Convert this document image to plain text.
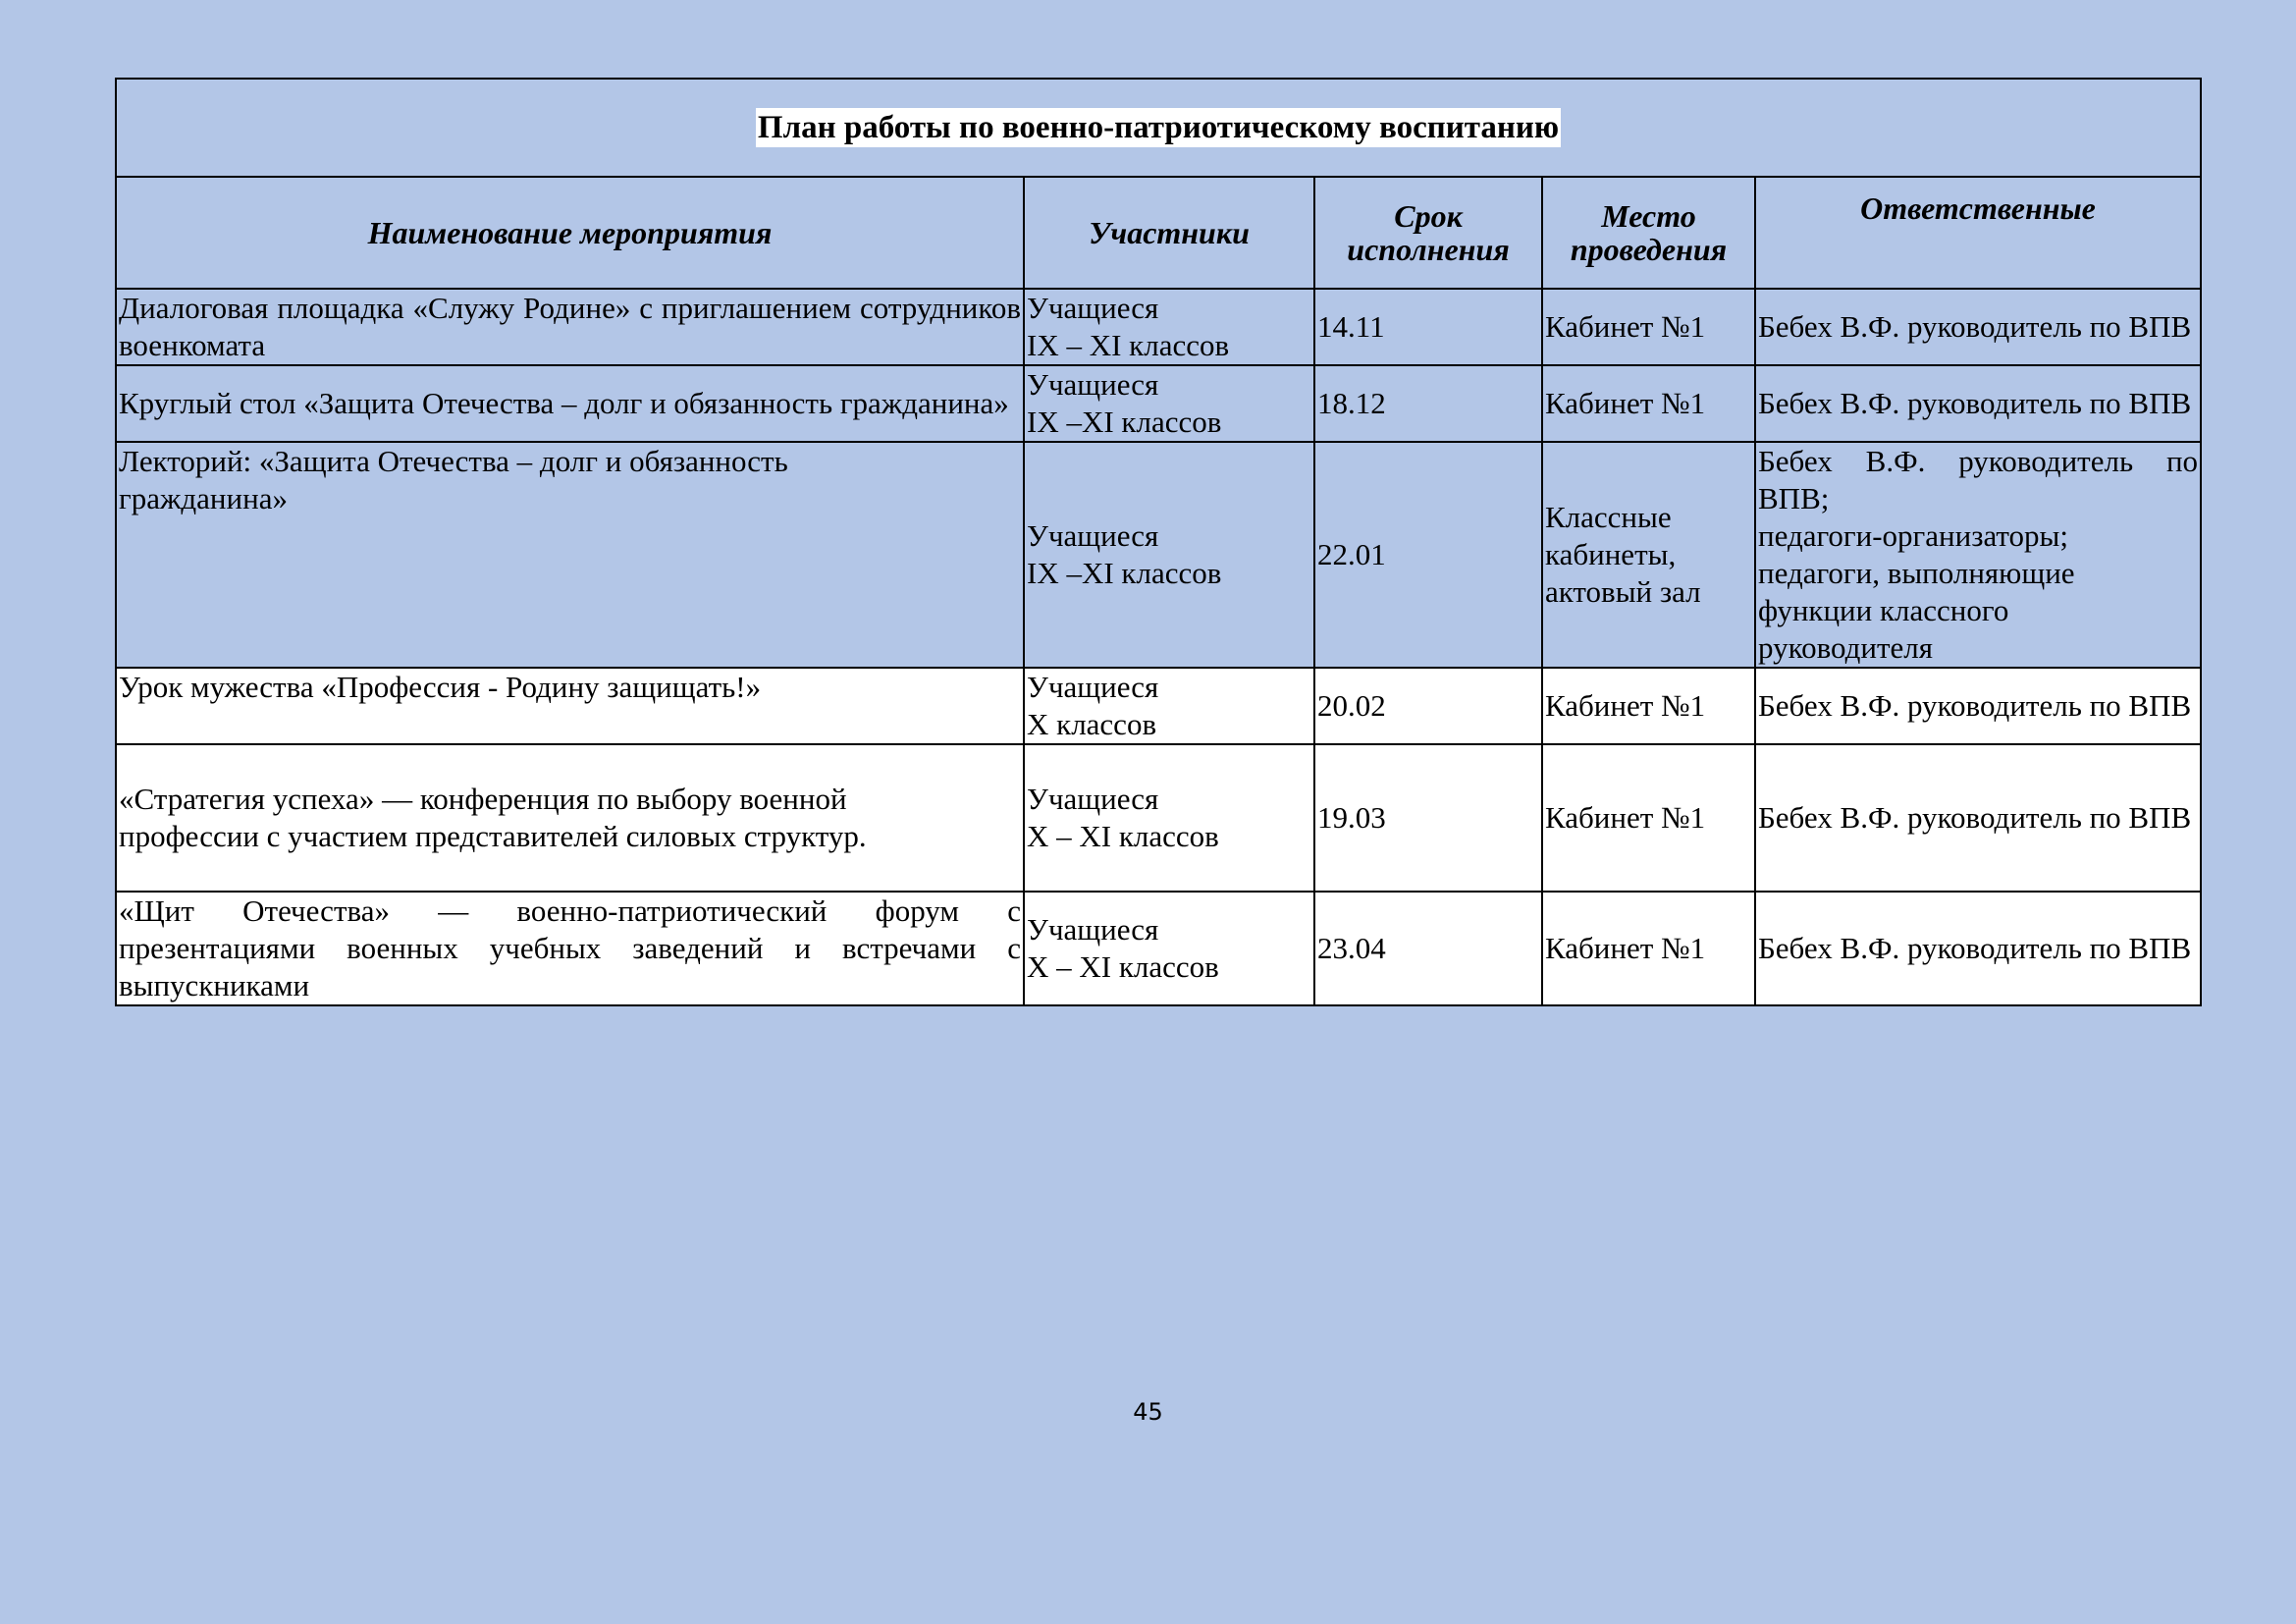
План работы по военно-патриотическому воспитанию				
Наименование мероприятия	Участники	Срок исполнения	Место проведения	Ответственные
Диалоговая площадка «Служу Родине» с приглашением сотрудников военкомата	Учащиеся
IX – XI классов	14.11	Кабинет №1	Бебех В.Ф. руководитель по ВПВ
Круглый стол «Защита Отечества – долг и обязанность гражданина»	Учащиеся
IX –XI классов	18.12	Кабинет №1	Бебех В.Ф. руководитель по ВПВ

Лекторий: «Защита Отечества – долг и обязанность
гражданина»	Учащиеся
IX –XI классов	22.01	Классные
кабинеты,
актовый зал	Бебех В.Ф. руководитель по ВПВ;
педагоги-организаторы;
педагоги, выполняющие
функции классного
руководителя

Урок мужества «Профессия - Родину защищать!»	Учащиеся
X классов	20.02	Кабинет №1	Бебех В.Ф. руководитель по ВПВ

«Стратегия успеха» — конференция по выбору военной
профессии с участием представителей силовых структур.	Учащиеся
X – XI классов	19.03	Кабинет №1	Бебех В.Ф. руководитель по ВПВ
«Щит Отечества» — военно-патриотический форум с презентациями военных учебных заведений и встречами с выпускниками	Учащиеся
X – XI классов	23.04	Кабинет №1	Бебех В.Ф. руководитель по ВПВ
45
